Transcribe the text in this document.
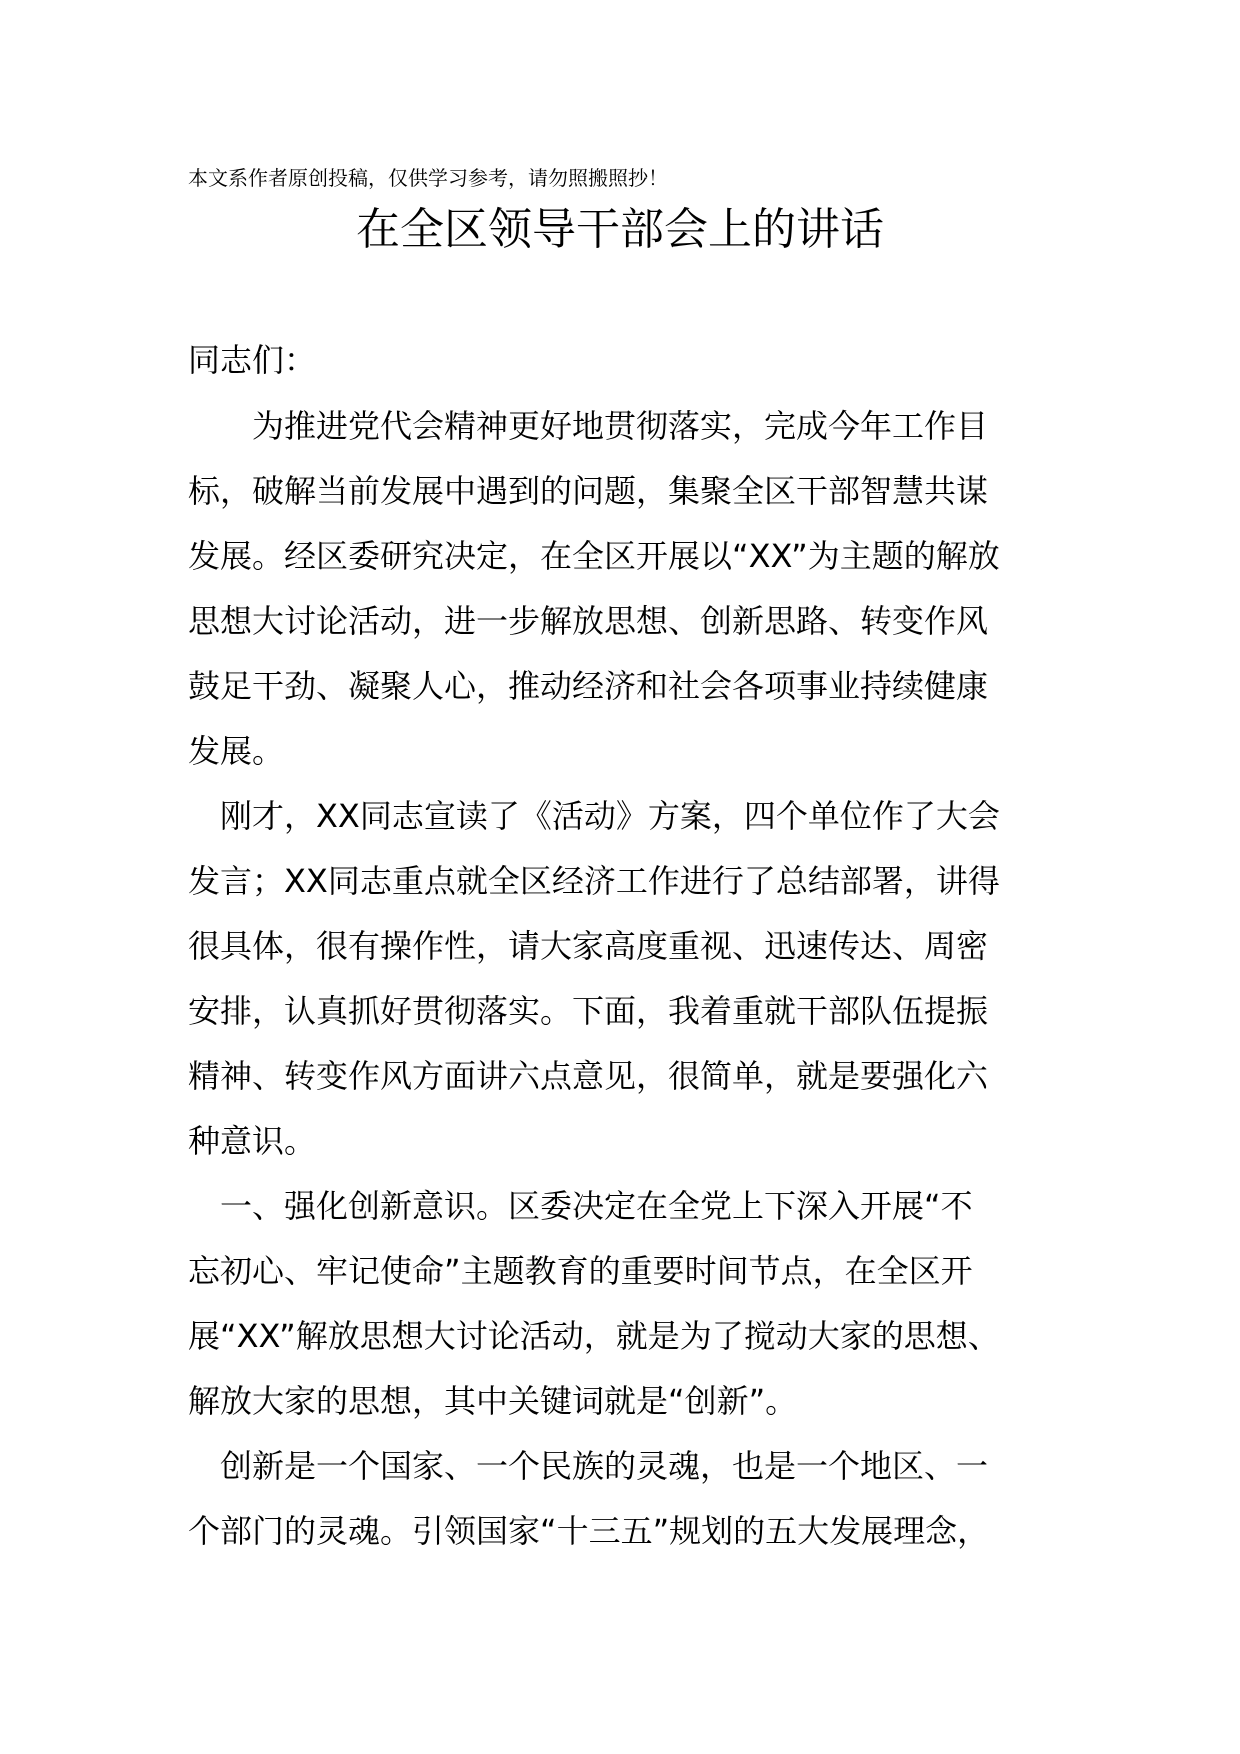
本文系作者原创投稿，仅供学习参考，请勿照搬照抄！
在全区领导干部会上的讲话
同志们：
为推进党代会精神更好地贯彻落实，完成今年工作目
标，破解当前发展中遇到的问题，集聚全区干部智慧共谋
发展。经区委研究决定，在全区开展以“XX”为主题的解放
思想大讨论活动，进一步解放思想、创新思路、转变作风
鼓足干劲、凝聚人心，推动经济和社会各项事业持续健康
发展。
刚才，XX同志宣读了《活动》方案，四个单位作了大会
发言；XX同志重点就全区经济工作进行了总结部署，讲得
很具体，很有操作性，请大家高度重视、迅速传达、周密
安排，认真抓好贯彻落实。下面，我着重就干部队伍提振
精神、转变作风方面讲六点意见，很简单，就是要强化六
种意识。
一、强化创新意识。区委决定在全党上下深入开展“不
忘初心、牢记使命”主题教育的重要时间节点，在全区开
展“XX”解放思想大讨论活动，就是为了搅动大家的思想、
解放大家的思想，其中关键词就是“创新”。
创新是一个国家、一个民族的灵魂，也是一个地区、一
个部门的灵魂。引领国家“十三五”规划的五大发展理念，
